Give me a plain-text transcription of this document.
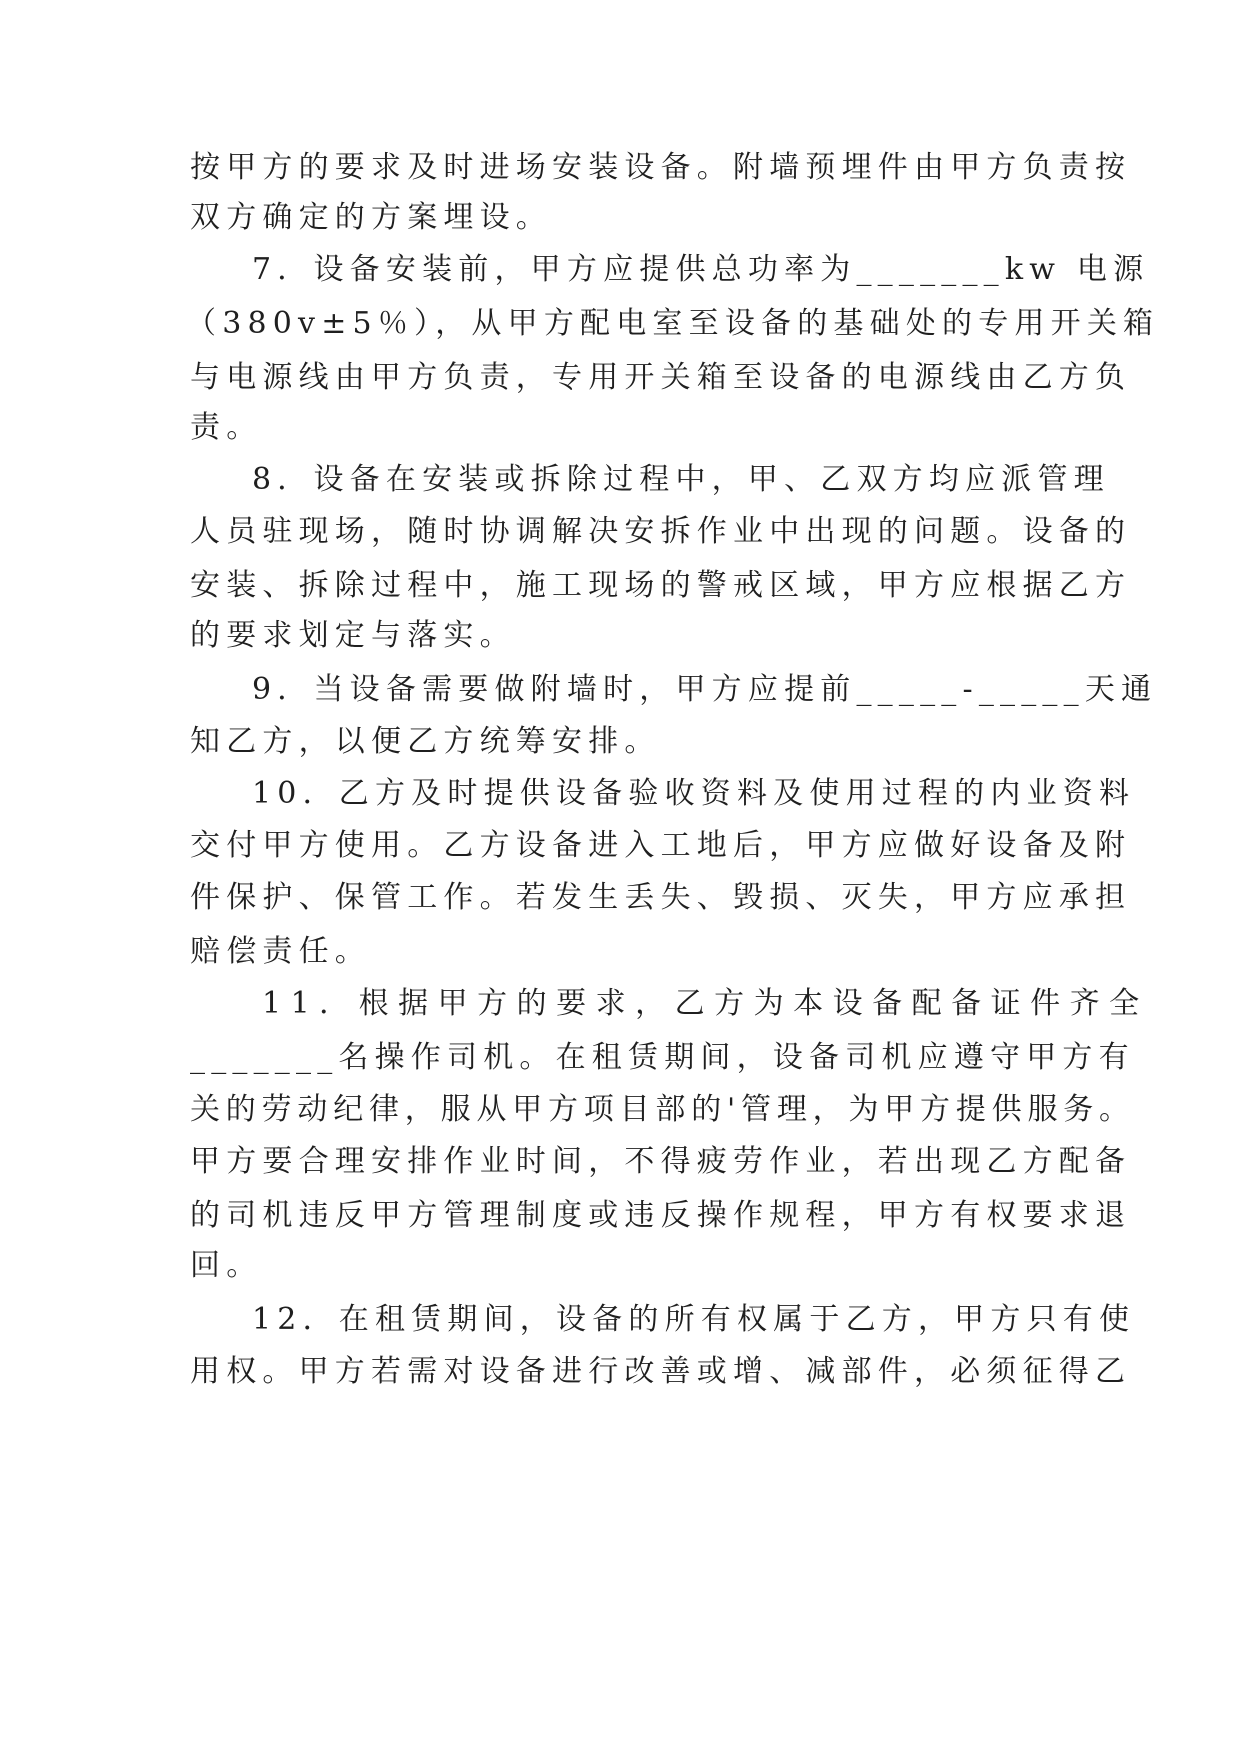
按甲方的要求及时进场安装设备。附墙预埋件由甲方负责按
双方确定的方案埋设。
7．设备安装前，甲方应提供总功率为_______kw 电源
（380v±5％），从甲方配电室至设备的基础处的专用开关箱
与电源线由甲方负责，专用开关箱至设备的电源线由乙方负
责。
8．设备在安装或拆除过程中，甲、乙双方均应派管理
人员驻现场，随时协调解决安拆作业中出现的问题。设备的
安装、拆除过程中，施工现场的警戒区域，甲方应根据乙方
的要求划定与落实。
9．当设备需要做附墙时，甲方应提前_____-_____天通
知乙方，以便乙方统筹安排。
10．乙方及时提供设备验收资料及使用过程的内业资料
交付甲方使用。乙方设备进入工地后，甲方应做好设备及附
件保护、保管工作。若发生丢失、毁损、灭失，甲方应承担
赔偿责任。
11．根据甲方的要求，乙方为本设备配备证件齐全
_______名操作司机。在租赁期间，设备司机应遵守甲方有
关的劳动纪律，服从甲方项目部的'管理，为甲方提供服务。
甲方要合理安排作业时间，不得疲劳作业，若出现乙方配备
的司机违反甲方管理制度或违反操作规程，甲方有权要求退
回。
12．在租赁期间，设备的所有权属于乙方，甲方只有使
用权。甲方若需对设备进行改善或增、减部件，必须征得乙
